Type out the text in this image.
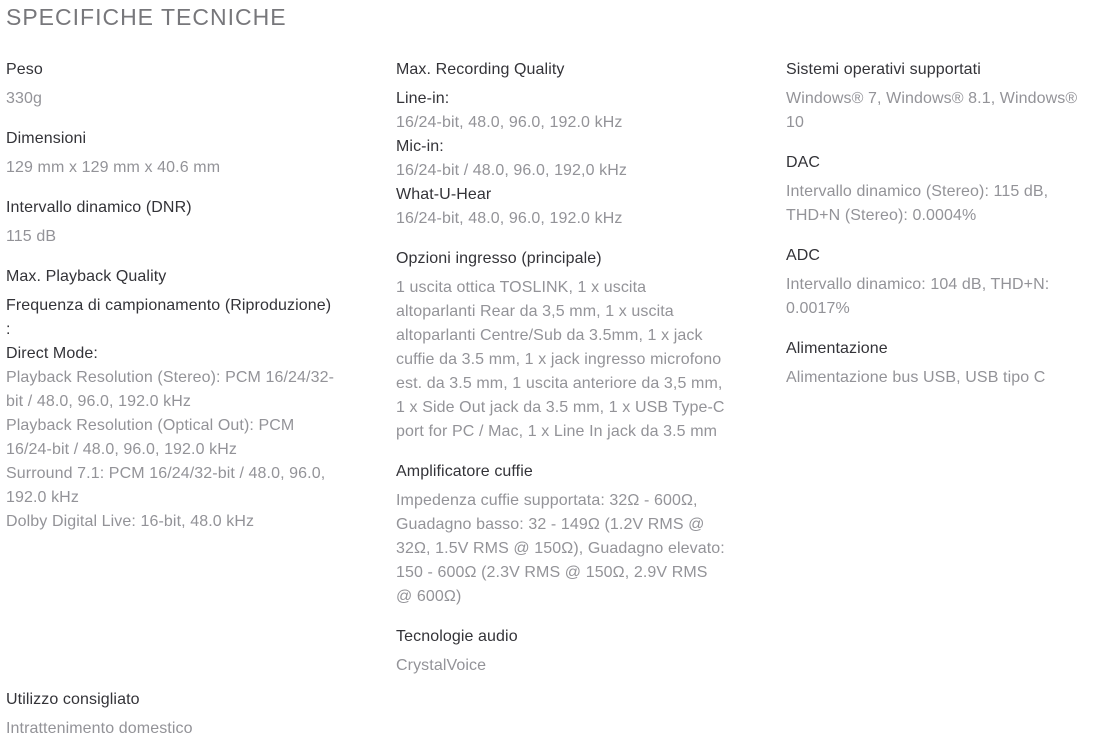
SPECIFICHE TECNICHE
Peso
330g
Dimensioni
129 mm x 129 mm x 40.6 mm
Intervallo dinamico (DNR)
115 dB
Max. Playback Quality
Frequenza di campionamento (Riproduzione)
:
Direct Mode:
Playback Resolution (Stereo): PCM 16/24/32-bit / 48.0, 96.0, 192.0 kHz
Playback Resolution (Optical Out): PCM 16/24-bit / 48.0, 96.0, 192.0 kHz
Surround 7.1: PCM 16/24/32-bit / 48.0, 96.0, 192.0 kHz
Dolby Digital Live: 16-bit, 48.0 kHz
Utilizzo consigliato
Intrattenimento domestico
Max. Recording Quality
Line-in:
16/24-bit, 48.0, 96.0, 192.0 kHz
Mic-in:
16/24-bit / 48.0, 96.0, 192,0 kHz
What-U-Hear
16/24-bit, 48.0, 96.0, 192.0 kHz
Opzioni ingresso (principale)
1 uscita ottica TOSLINK, 1 x uscita altoparlanti Rear da 3,5 mm, 1 x uscita altoparlanti Centre/Sub da 3.5mm, 1 x jack cuffie da 3.5 mm, 1 x jack ingresso microfono est. da 3.5 mm, 1 uscita anteriore da 3,5 mm, 1 x Side Out jack da 3.5 mm, 1 x USB Type-C port for PC / Mac, 1 x Line In jack da 3.5 mm
Amplificatore cuffie
Impedenza cuffie supportata: 32Ω - 600Ω, Guadagno basso: 32 - 149Ω (1.2V RMS @ 32Ω, 1.5V RMS @ 150Ω), Guadagno elevato: 150 - 600Ω (2.3V RMS @ 150Ω, 2.9V RMS @ 600Ω)
Tecnologie audio
CrystalVoice
Sistemi operativi supportati
Windows® 7, Windows® 8.1, Windows® 10
DAC
Intervallo dinamico (Stereo): 115 dB, THD+N (Stereo): 0.0004%
ADC
Intervallo dinamico: 104 dB, THD+N: 0.0017%
Alimentazione
Alimentazione bus USB, USB tipo C
